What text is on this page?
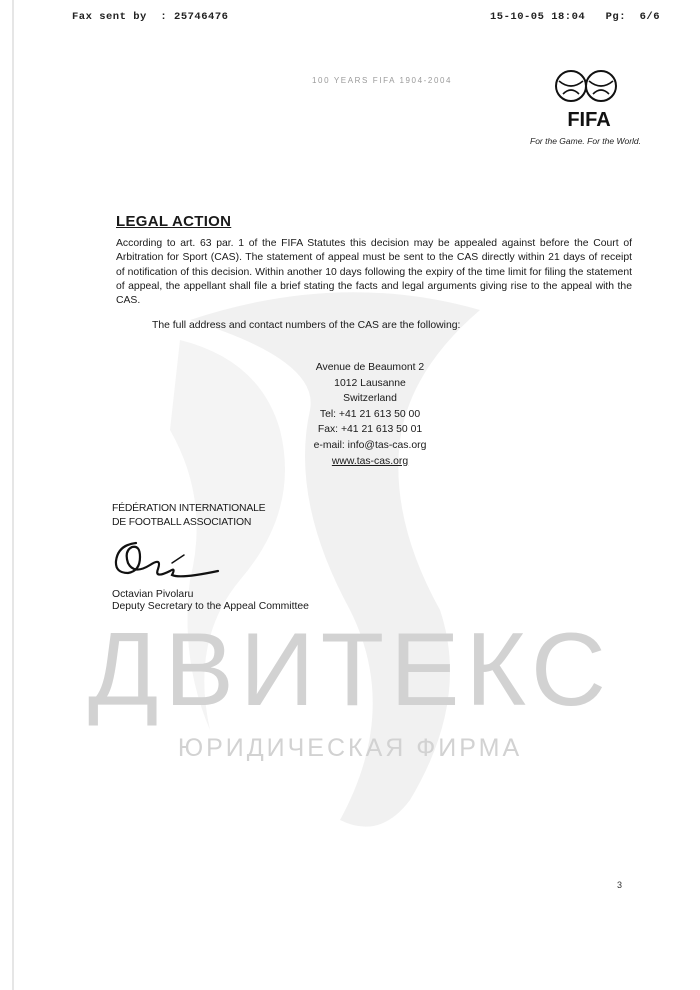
Fax sent by  : 25746476	15-10-05 18:04   Pg:  6/6
100 YEARS FIFA 1904-2004
FIFA
For the Game. For the World.
LEGAL ACTION

According to art. 63 par. 1 of the FIFA Statutes this decision may be appealed against before the Court of Arbitration for Sport (CAS). The statement of appeal must be sent to the CAS directly within 21 days of receipt of notification of this decision. Within another 10 days following the expiry of the time limit for filing the statement of appeal, the appellant shall file a brief stating the facts and legal arguments giving rise to the appeal with the CAS.

The full address and contact numbers of the CAS are the following:

Avenue de Beaumont 2
1012 Lausanne
Switzerland
Tel: +41 21 613 50 00
Fax: +41 21 613 50 01
e-mail: info@tas-cas.org
www.tas-cas.org
FÉDÉRATION INTERNATIONALE
DE FOOTBALL ASSOCIATION
Octavian Pivolaru
Deputy Secretary to the Appeal Committee
ДВИТЕКС
ЮРИДИЧЕСКАЯ ФИРМА
3
